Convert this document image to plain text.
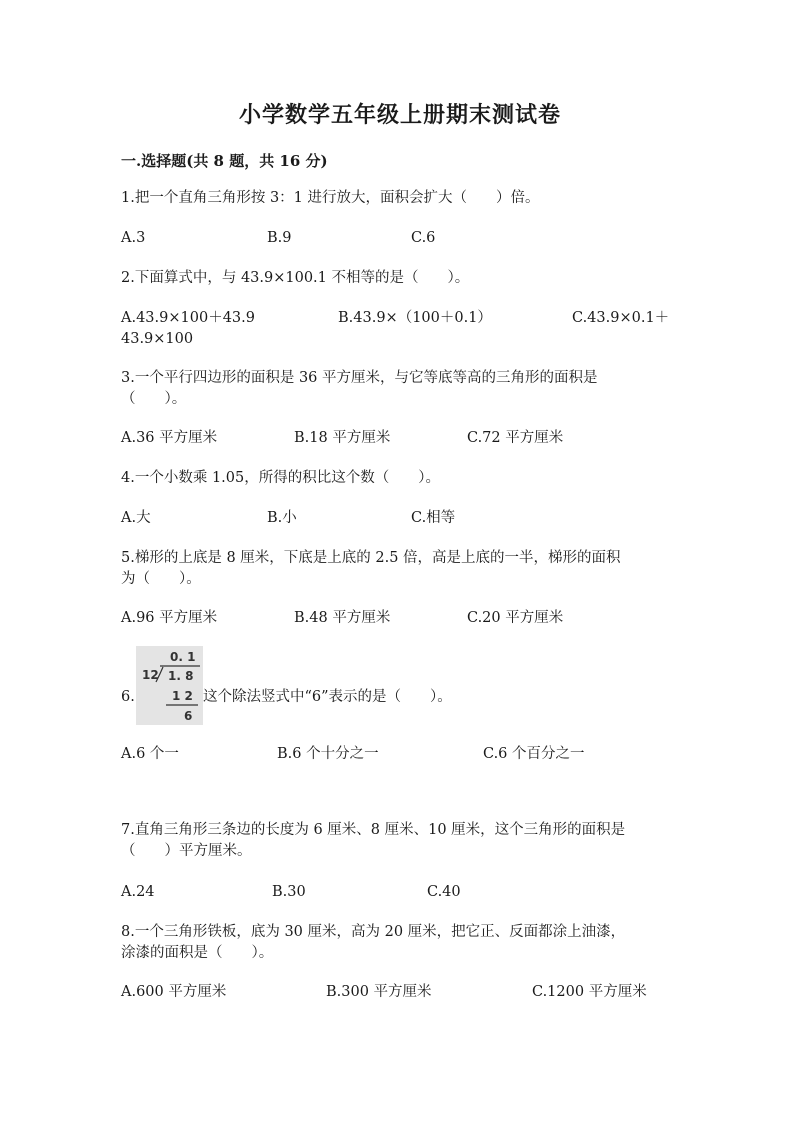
小学数学五年级上册期末测试卷
一.选择题(共 8 题，共 16 分)
1.把一个直角三角形按 3：1 进行放大，面积会扩大（　　）倍。
A.3	B.9	C.6
2.下面算式中，与 43.9×100.1 不相等的是（　　）。
A.43.9×100＋43.9	B.43.9×（100＋0.1）	C.43.9×0.1＋
43.9×100
3.一个平行四边形的面积是 36 平方厘米，与它等底等高的三角形的面积是
（　　）。
A.36 平方厘米	B.18 平方厘米	C.72 平方厘米
4.一个小数乘 1.05，所得的积比这个数（　　）。
A.大	B.小	C.相等
5.梯形的上底是 8 厘米，下底是上底的 2.5 倍，高是上底的一半，梯形的面积
为（　　）。
A.96 平方厘米	B.48 平方厘米	C.20 平方厘米
6.	这个除法竖式中“6”表示的是（　　）。
0. 1
12 1. 8
1 2
6
A.6 个一	B.6 个十分之一	C.6 个百分之一
7.直角三角形三条边的长度为 6 厘米、8 厘米、10 厘米，这个三角形的面积是
（　　）平方厘米。
A.24	B.30	C.40
8.一个三角形铁板，底为 30 厘米，高为 20 厘米，把它正、反面都涂上油漆，
涂漆的面积是（　　）。
A.600 平方厘米	B.300 平方厘米	C.1200 平方厘米
